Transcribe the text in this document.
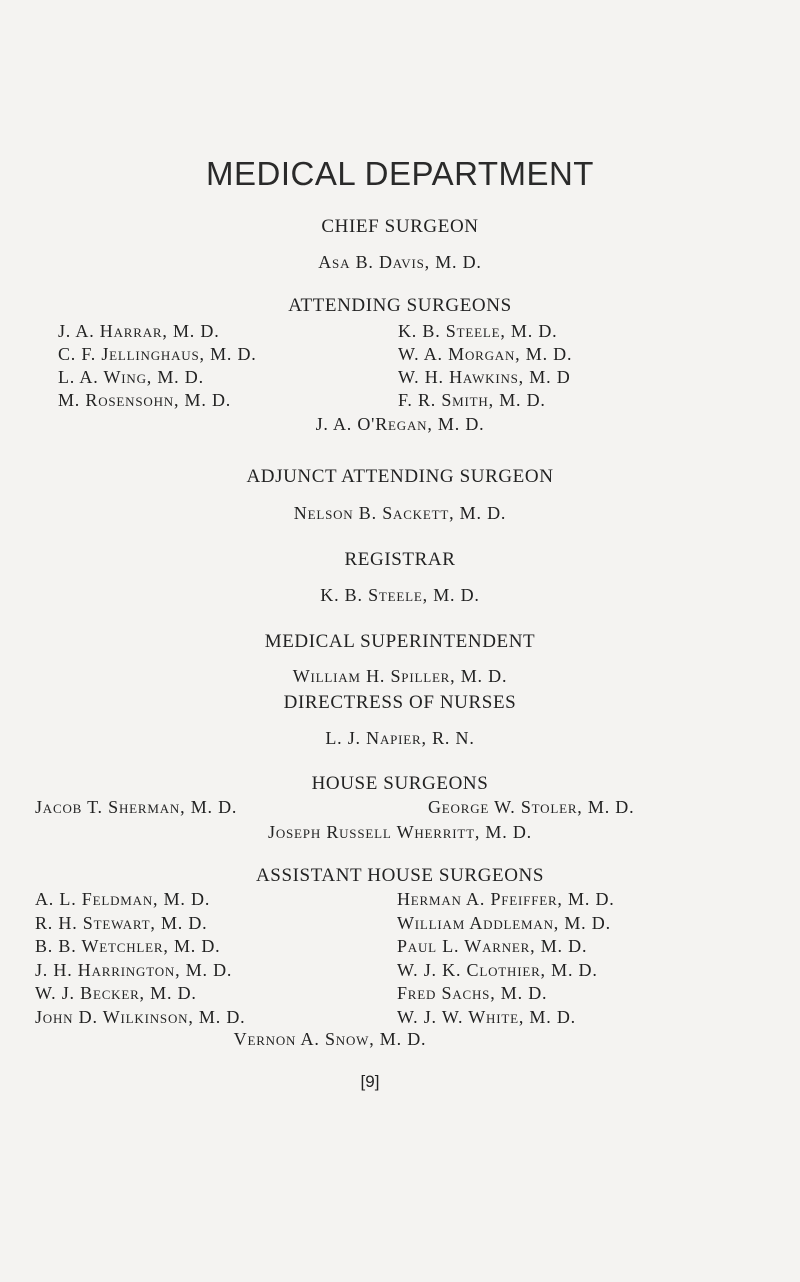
MEDICAL DEPARTMENT
CHIEF SURGEON
Asa B. Davis, M. D.
ATTENDING SURGEONS
J. A. Harrar, M. D.
C. F. Jellinghaus, M. D.
L. A. Wing, M. D.
M. Rosensohn, M. D.
K. B. Steele, M. D.
W. A. Morgan, M. D.
W. H. Hawkins, M. D
F. R. Smith, M. D.
J. A. O'Regan, M. D.
ADJUNCT ATTENDING SURGEON
Nelson B. Sackett, M. D.
REGISTRAR
K. B. Steele, M. D.
MEDICAL SUPERINTENDENT
William H. Spiller, M. D.
DIRECTRESS OF NURSES
L. J. Napier, R. N.
HOUSE SURGEONS
Jacob T. Sherman, M. D.	George W. Stoler, M. D.
Joseph Russell Wherritt, M. D.
ASSISTANT HOUSE SURGEONS
A. L. Feldman, M. D.
R. H. Stewart, M. D.
B. B. Wetchler, M. D.
J. H. Harrington, M. D.
W. J. Becker, M. D.
John D. Wilkinson, M. D.
Herman A. Pfeiffer, M. D.
William Addleman, M. D.
Paul L. Warner, M. D.
W. J. K. Clothier, M. D.
Fred Sachs, M. D.
W. J. W. White, M. D.
Vernon A. Snow, M. D.
[9]
